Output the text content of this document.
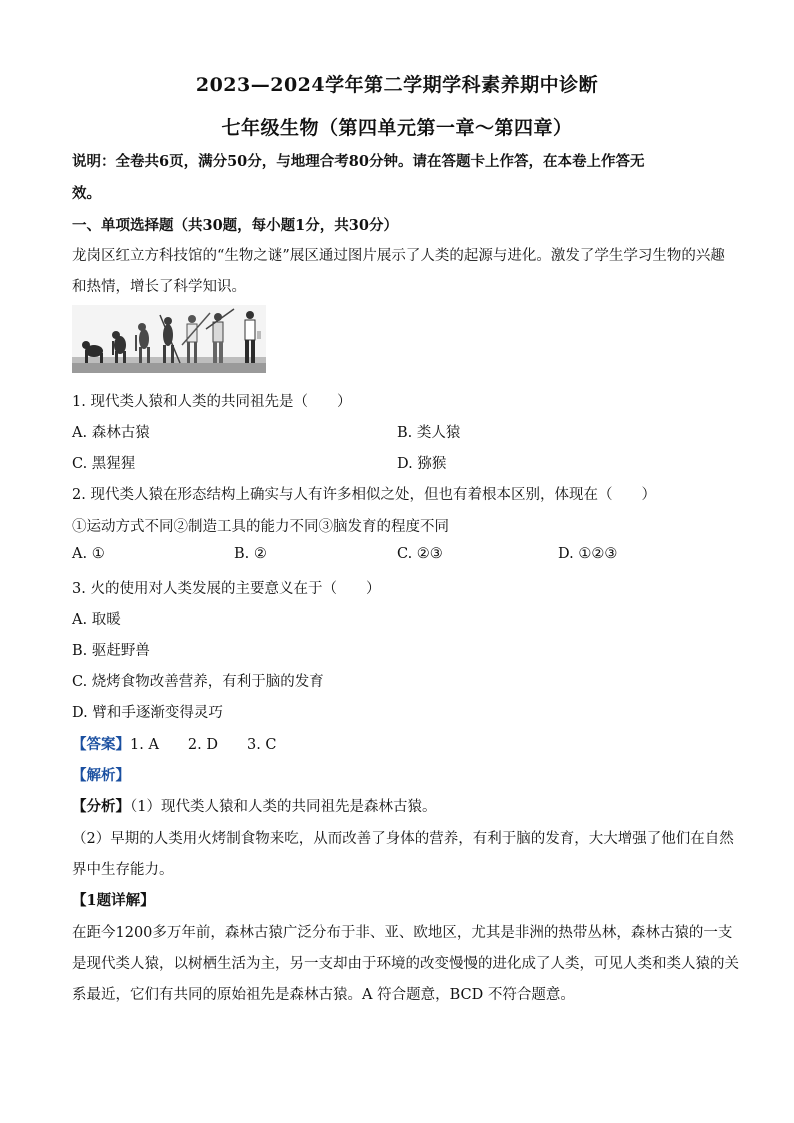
2023—2024学年第二学期学科素养期中诊断
七年级生物（第四单元第一章～第四章）
说明：全卷共6页，满分50分，与地理合考80分钟。请在答题卡上作答，在本卷上作答无
效。
一、单项选择题（共30题，每小题1分，共30分）
龙岗区红立方科技馆的“生物之谜”展区通过图片展示了人类的起源与进化。激发了学生学习生物的兴趣
和热情，增长了科学知识。
1. 现代类人猿和人类的共同祖先是（　　）
A. 森林古猿	B. 类人猿
C. 黑猩猩	D. 猕猴
2. 现代类人猿在形态结构上确实与人有许多相似之处，但也有着根本区别，体现在（　　）
①运动方式不同②制造工具的能力不同③脑发育的程度不同
A. ①	B. ②	C. ②③	D. ①②③
3. 火的使用对人类发展的主要意义在于（　　）
A. 取暖
B. 驱赶野兽
C. 烧烤食物改善营养，有利于脑的发育
D. 臂和手逐渐变得灵巧
【答案】1. A　　2. D　　3. C
【解析】
【分析】（1）现代类人猿和人类的共同祖先是森林古猿。
（2）早期的人类用火烤制食物来吃，从而改善了身体的营养，有利于脑的发育，大大增强了他们在自然
界中生存能力。
【1题详解】
在距今1200多万年前，森林古猿广泛分布于非、亚、欧地区，尤其是非洲的热带丛林，森林古猿的一支
是现代类人猿，以树栖生活为主，另一支却由于环境的改变慢慢的进化成了人类，可见人类和类人猿的关
系最近，它们有共同的原始祖先是森林古猿。A 符合题意，BCD 不符合题意。
